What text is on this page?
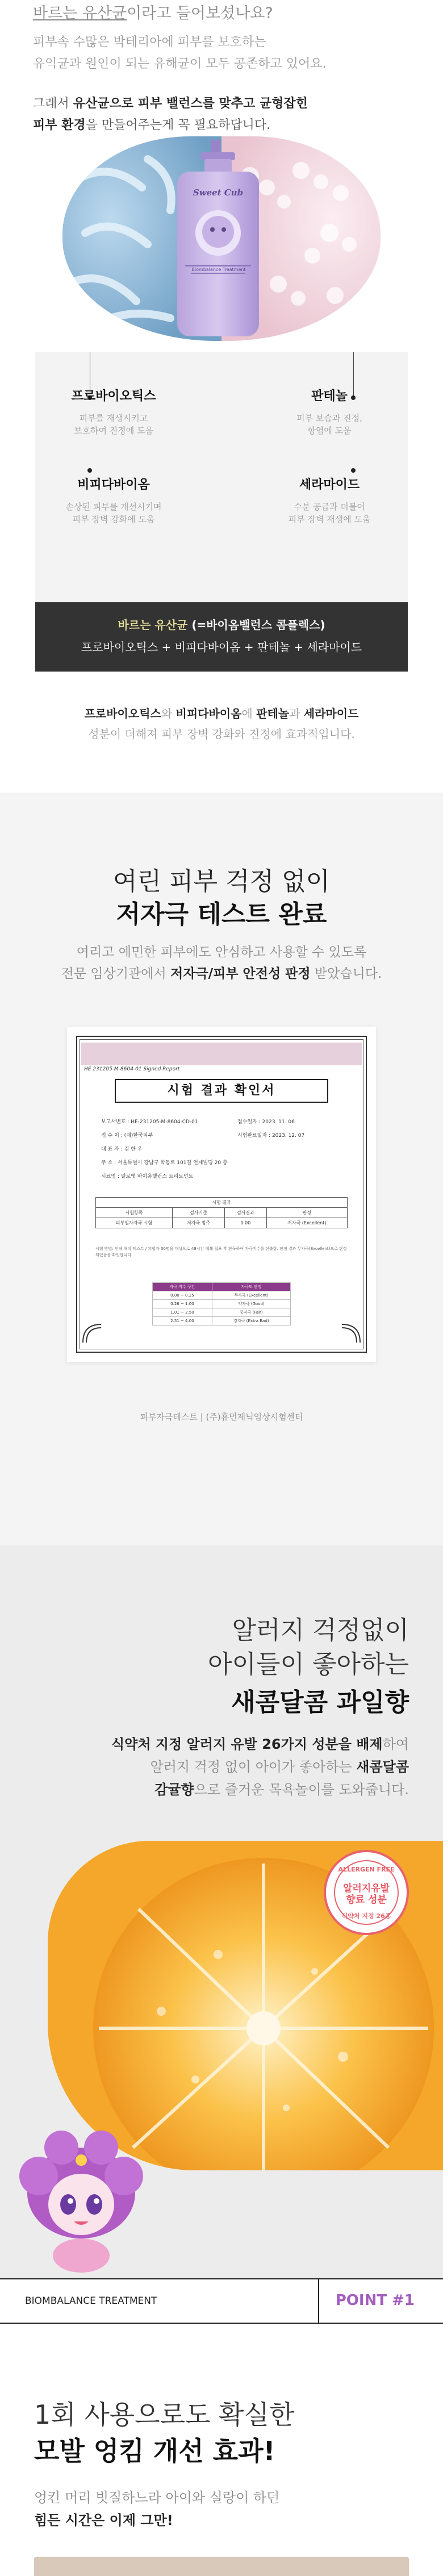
바르는 유산균이라고 들어보셨나요?

피부속 수많은 박테리아에 피부를 보호하는

유익균과 원인이 되는 유해균이 모두 공존하고 있어요.

그래서 유산균으로 피부 밸런스를 맞추고 균형잡힌

피부 환경을 만들어주는게 꼭 필요하답니다.

Sweet Cub
Biombalance Treatment
프로바이오틱스
피부를 재생시키고
보호하여 진정에 도움
판테놀
피부 보습과 진정,
항염에 도움
비피다바이옴
손상된 피부를 개선시키며
피부 장벽 강화에 도움
세라마이드
수분 공급과 더불어
피부 장벽 재생에 도움
바르는 유산균 (=바이옴밸런스 콤플렉스)
프로바이오틱스 + 비피다바이옴 + 판테놀 + 세라마이드

프로바이오틱스와 비피다바이옴에 판테놀과 세라마이드

성분이 더해져 피부 장벽 강화와 진정에 효과적입니다.

여린 피부 걱정 없이
저자극 테스트 완료
여리고 예민한 피부에도 안심하고 사용할 수 있도록
전문 임상기관에서 저자극/피부 안전성 판정 받았습니다.
HE 231205-M-8604-01 Signed Report
시험 결과 확인서
보고서번호 : HE-231205-M-8604-CD-01	접수일자 : 2023. 11. 06
접 수 처 : (재)한국피부	시험완료일자 : 2023. 12. 07
대 표 자 : 김 한 우
주 소 : 서울특별시 강남구 학동로 101길 언제빌딩 20 층
시료명 : 알로엣 바이옴밸런스 트리트먼트
시험 결과			
시험항목	검사기준	검사결과	판정
피부일차자극 시험	저자극 범주	0.00	저자극 (Excellent)
시험 방법: 인체 패치 테스트 / 피험자 30명을 대상으로 48시간 폐쇄 첩포 후 판독하여 자극지수를 산출함. 판정 결과 무자극(Excellent)으로 판정되었음을 확인합니다.
자극 지수 구간	자극도 판정
0.00 ~ 0.25	무자극 (Excellent)
0.26 ~ 1.00	약자극 (Good)
1.01 ~ 2.50	중자극 (Fair)
2.51 ~ 4.00	강자극 (Extra Bad)
피부자극테스트 | (주)휴먼제닉임상시험센터
알러지 걱정없이
아이들이 좋아하는
새콤달콤 과일향
식약처 지정 알러지 유발 26가지 성분을 배제하여
알러지 걱정 없이 아이가 좋아하는 새콤달콤
감귤향으로 즐거운 목욕놀이를 도와줍니다.
ALLERGEN FREE
알러지유발
향료 성분
식약처 지정 26종
BIOMBALANCE TREATMENT	POINT #1
1회 사용으로도 확실한
모발 엉킴 개선 효과!
엉킨 머리 빗질하느라 아이와 실랑이 하던
힘든 시간은 이제 그만!
